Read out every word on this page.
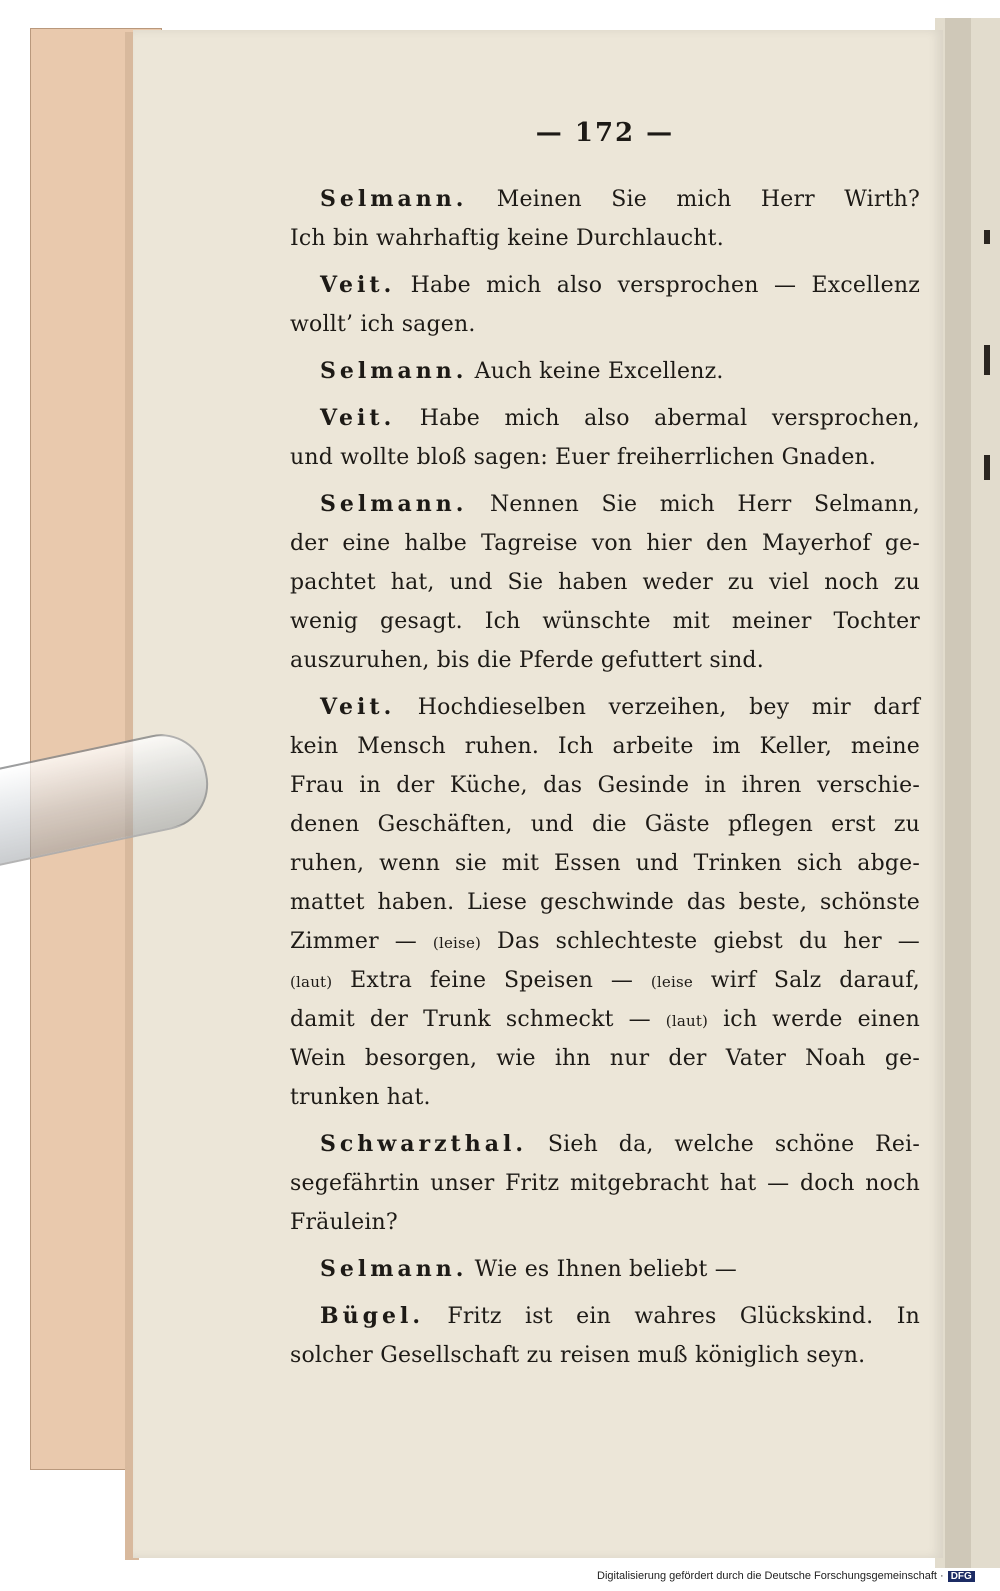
— 172 —
Selmann. Meinen Sie mich Herr Wirth?
Ich bin wahrhaftig keine Durchlaucht.
Veit. Habe mich also versprochen — Excellenz
wollt’ ich sagen.
Selmann. Auch keine Excellenz.
Veit. Habe mich also abermal versprochen,
und wollte bloß sagen: Euer freiherrlichen Gnaden.
Selmann. Nennen Sie mich Herr Selmann,
der eine halbe Tagreise von hier den Mayerhof ge-
pachtet hat, und Sie haben weder zu viel noch zu
wenig gesagt. Ich wünschte mit meiner Tochter
auszuruhen, bis die Pferde gefuttert sind.
Veit. Hochdieselben verzeihen, bey mir darf
kein Mensch ruhen. Ich arbeite im Keller, meine
Frau in der Küche, das Gesinde in ihren verschie-
denen Geschäften, und die Gäste pflegen erst zu
ruhen, wenn sie mit Essen und Trinken sich abge-
mattet haben. Liese geschwinde das beste, schönste
Zimmer — (leise) Das schlechteste giebst du her —
(laut) Extra feine Speisen — (leise wirf Salz darauf,
damit der Trunk schmeckt — (laut) ich werde einen
Wein besorgen, wie ihn nur der Vater Noah ge-
trunken hat.
Schwarzthal. Sieh da, welche schöne Rei-
segefährtin unser Fritz mitgebracht hat — doch noch
Fräulein?
Selmann. Wie es Ihnen beliebt —
Bügel. Fritz ist ein wahres Glückskind. In
solcher Gesellschaft zu reisen muß königlich seyn.
Digitalisierung gefördert durch die Deutsche Forschungsgemeinschaft · DFG
